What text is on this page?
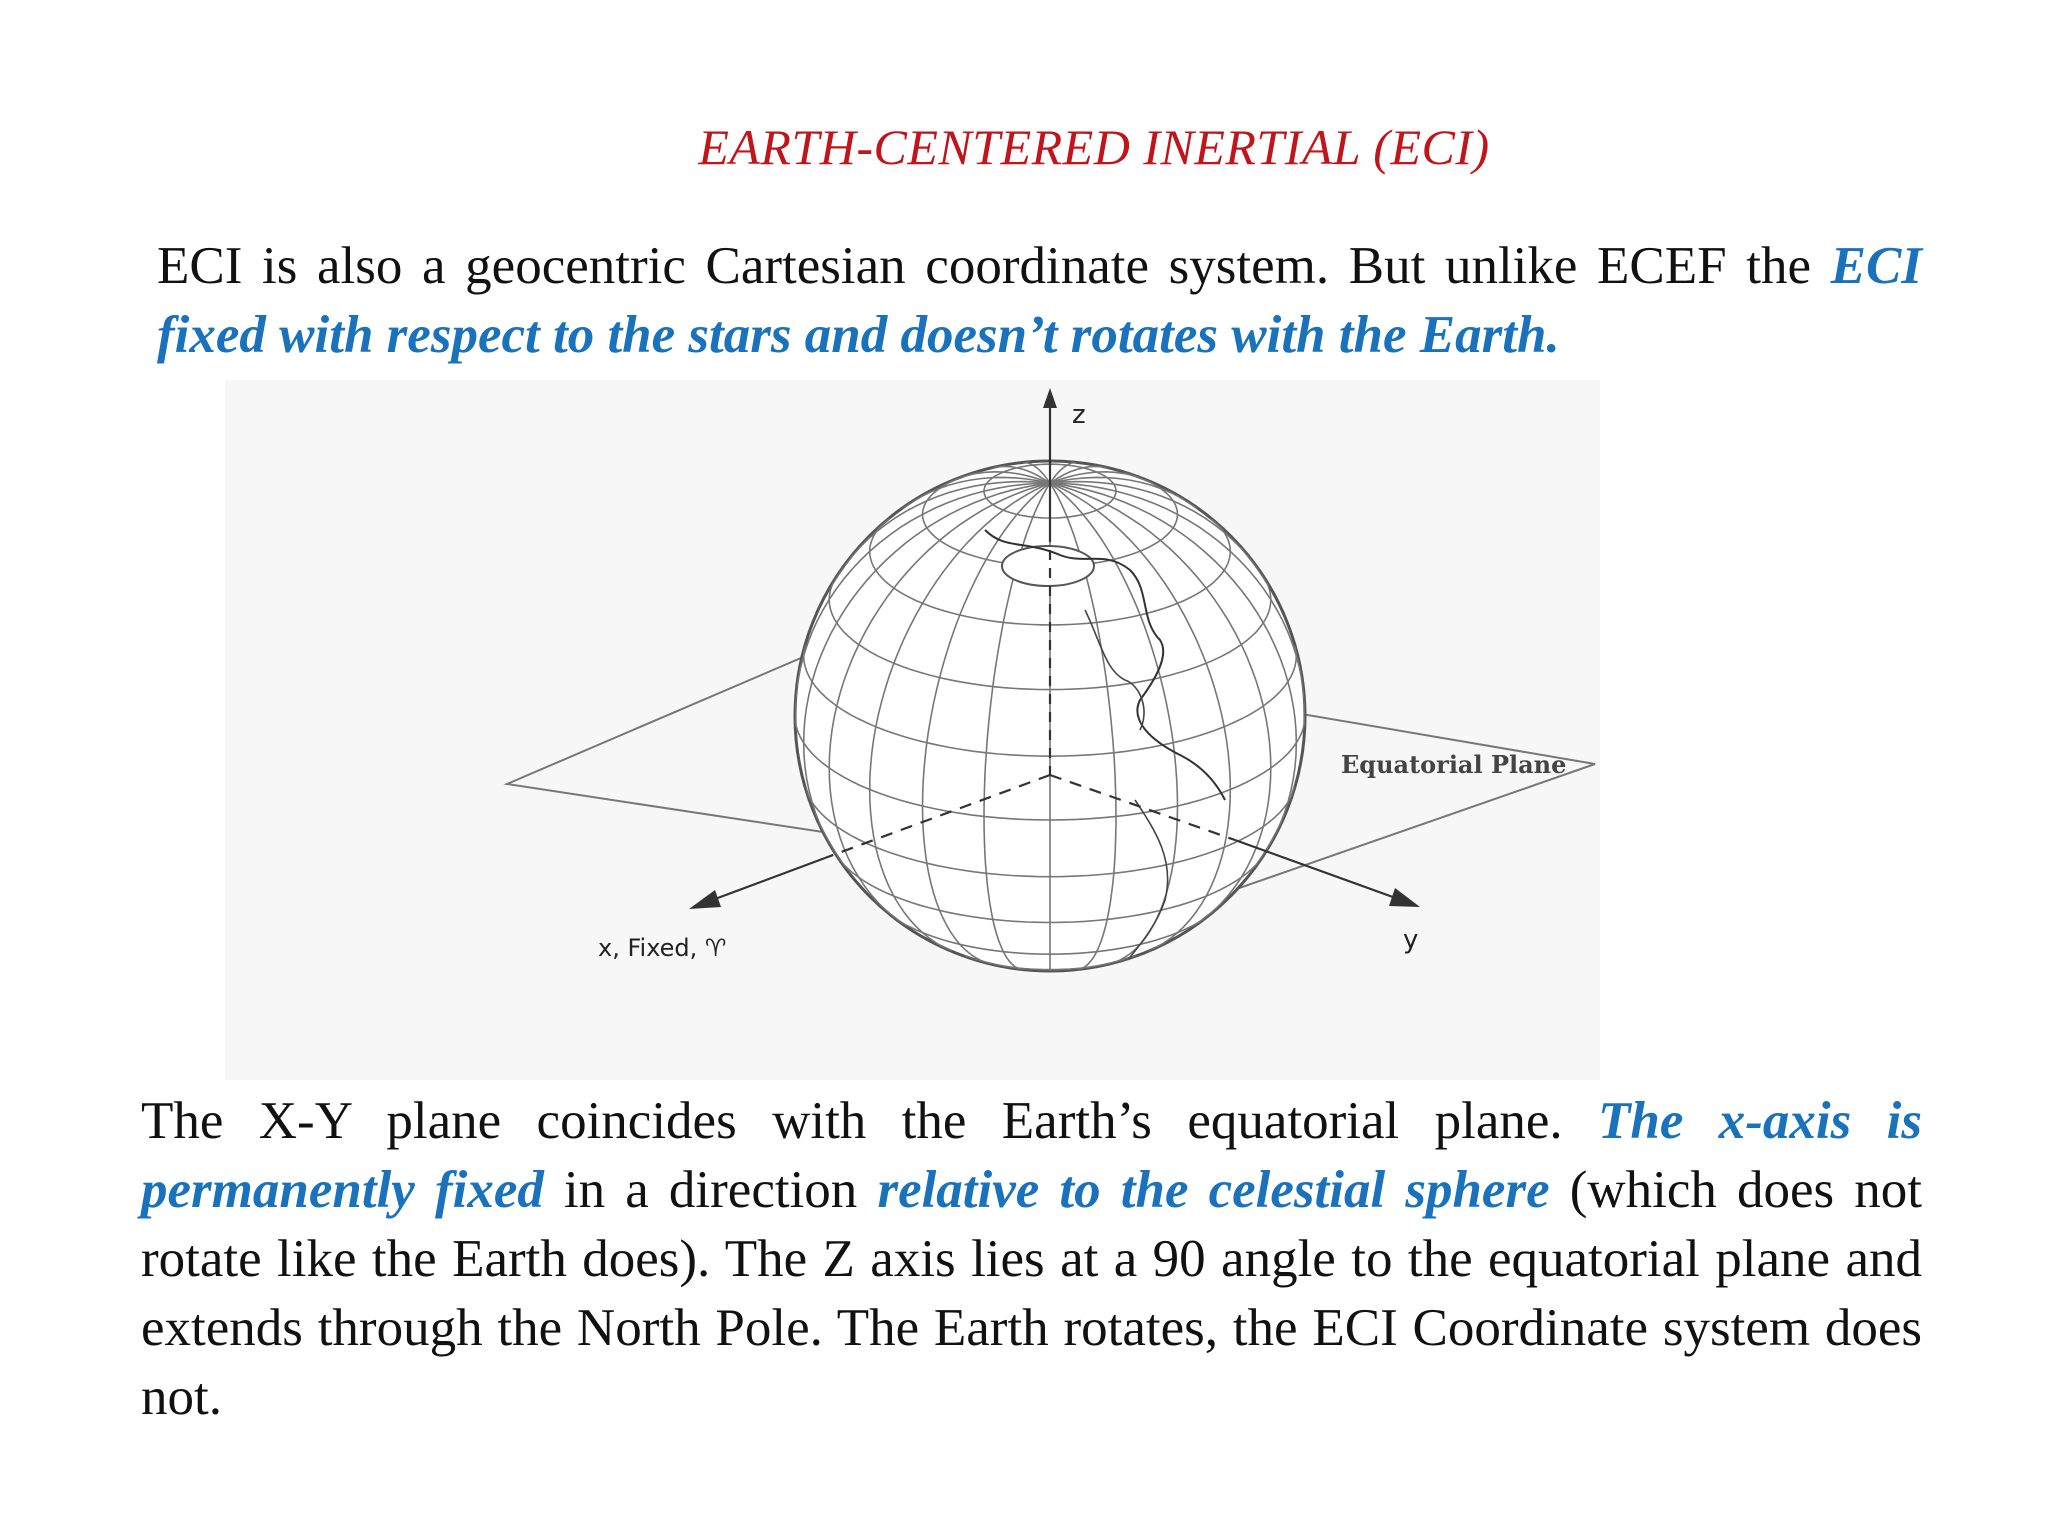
EARTH-CENTERED INERTIAL (ECI)
ECI is also a geocentric Cartesian coordinate system. But unlike ECEF the ECI fixed with respect to the stars and doesn’t rotates with the Earth.
z
x, Fixed, ♈	y
Equatorial Plane
The X-Y plane coincides with the Earth’s equatorial plane. The x-axis is permanently fixed in a direction relative to the celestial sphere (which does not rotate like the Earth does). The Z axis lies at a 90 angle to the equatorial plane and extends through the North Pole. The Earth rotates, the ECI Coordinate system does not.
